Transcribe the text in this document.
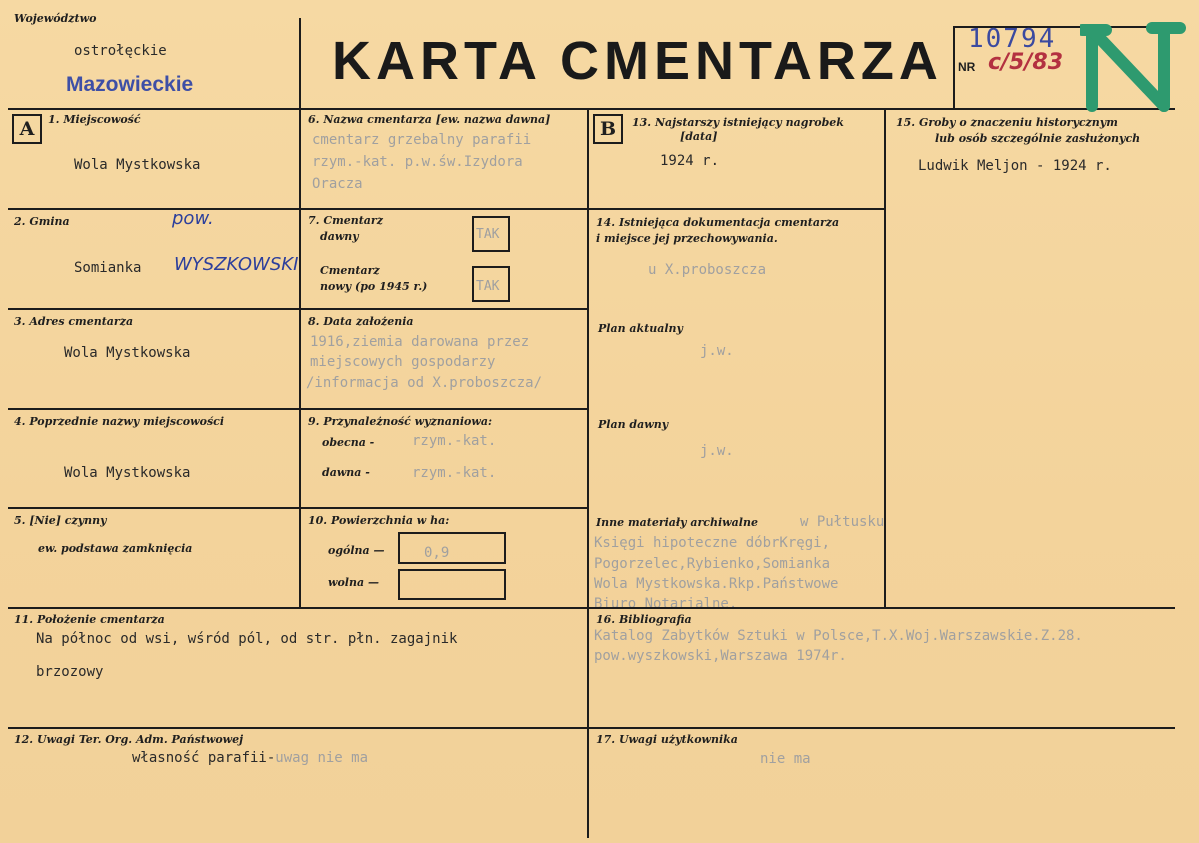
Województwo
ostrołęckie
Mazowieckie	KARTA CMENTARZA 10794
NR c/5/83
A	1. Miejscowość
Wola Mystkowska
2. Gmina
Somianka
pow.
WYSZKOWSKI
3. Adres cmentarza
Wola Mystkowska
4. Poprzednie nazwy miejscowości
Wola Mystkowska
5. [Nie] czynny
ew. podstawa zamknięcia
6. Nazwa cmentarza [ew. nazwa dawna]
cmentarz grzebalny parafii
rzym.-kat. p.w.św.Izydora
Oracza
7. Cmentarz
dawny	TAK
Cmentarz
nowy (po 1945 r.)	TAK
8. Data założenia
1916,ziemia darowana przez
miejscowych gospodarzy
/informacja od X.proboszcza/
9. Przynależność wyznaniowa:
obecna -	rzym.-kat.
dawna -	rzym.-kat.
10. Powierzchnia w ha:
ogólna —	0,9
wolna —
11. Położenie cmentarza
Na północ od wsi, wśród pól, od str. płn. zagajnik
brzozowy
12. Uwagi Ter. Org. Adm. Państwowej
własność parafii-uwag nie ma
B	13. Najstarszy istniejący nagrobek
[data]
1924 r.
14. Istniejąca dokumentacja cmentarza
i miejsce jej przechowywania.
u X.proboszcza
Plan aktualny
j.w.
Plan dawny
j.w.
Inne materiały archiwalne	w Pułtusku
Księgi hipoteczne dóbrKręgi,
Pogorzelec,Rybienko,Somianka
Wola Mystkowska.Rkp.Państwowe
Biuro Notarialne.
15. Groby o znaczeniu historycznym
lub osób szczególnie zasłużonych
Ludwik Meljon - 1924 r.
16. Bibliografia
Katalog Zabytków Sztuki w Polsce,T.X.Woj.Warszawskie.Z.28.
pow.wyszkowski,Warszawa 1974r.
17. Uwagi użytkownika
nie ma
